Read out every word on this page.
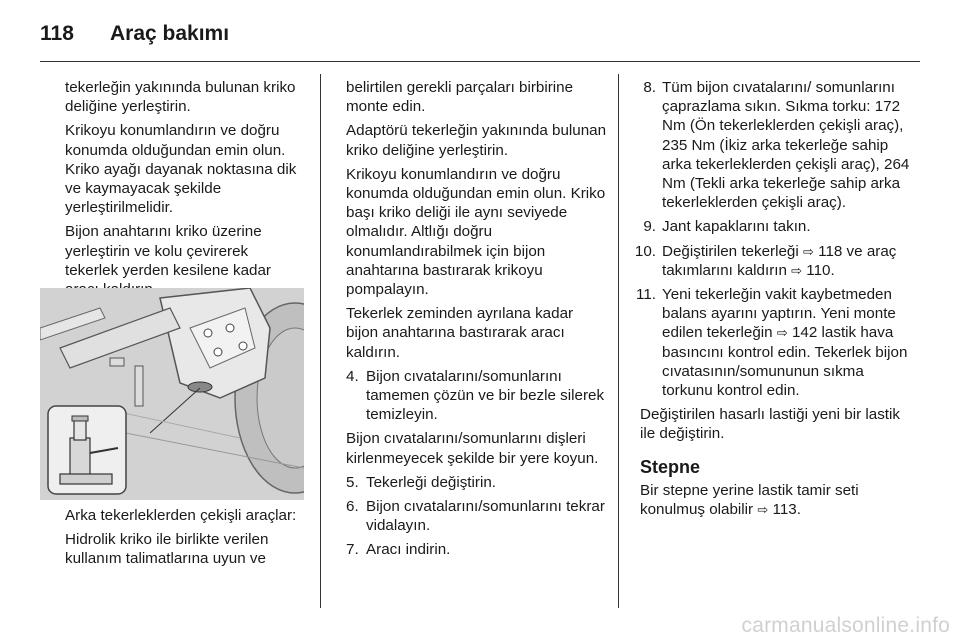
118 Araç bakımı

tekerleğin yakınında bulunan kriko deliğine yerleştirin.

Krikoyu konumlandırın ve doğru konumda olduğundan emin olun. Kriko ayağı dayanak noktasına dik ve kaymayacak şekilde yerleştirilmelidir.

Bijon anahtarını kriko üzerine yerleştirin ve kolu çevirerek tekerlek yerden kesilene kadar

Arka tekerleklerden çekişli araçlar:

Hidrolik kriko ile birlikte verilen kullanım talimatlarına uyun ve

belirtilen gerekli parçaları birbirine monte edin.

Adaptörü tekerleğin yakınında bulunan kriko deliğine yerleştirin.

Krikoyu konumlandırın ve doğru konumda olduğundan emin olun. Kriko başı kriko deliği ile aynı seviyede olmalıdır. Altlığı doğru konumlandırabilmek için bijon anahtarına bastırarak krikoyu pompalayın.

Tekerlek zeminden ayrılana kadar bijon anahtarına bastırarak aracı kaldırın.

4. Bijon cıvatalarını/somunlarını tamemen çözün ve bir bezle silerek temizleyin.

Bijon cıvatalarını/somunlarını dişleri kirlenmeyecek şekilde bir yere koyun.

5. Tekerleği değiştirin.
6. Bijon cıvatalarını/somunlarını tekrar vidalayın.
7. Aracı indirin.
8. Tüm bijon cıvatalarını/ somunlarını çaprazlama sıkın. Sıkma torku: 172 Nm (Ön tekerleklerden çekişli araç), 235 Nm (İkiz arka tekerleğe sahip arka tekerleklerden çekişli araç), 264 Nm (Tekli arka tekerleğe sahip arka tekerleklerden çekişli araç).
9. Jant kapaklarını takın.
10. Değiştirilen tekerleği ⇨ 118 ve araç takımlarını kaldırın ⇨ 110.
11. Yeni tekerleğin vakit kaybetmeden balans ayarını yaptırın. Yeni monte edilen tekerleğin ⇨ 142 lastik hava basıncını kontrol edin. Tekerlek bijon cıvatasının/somununun sıkma torkunu kontrol edin.

Değiştirilen hasarlı lastiği yeni bir lastik ile değiştirin.

Stepne

Bir stepne yerine lastik tamir seti konulmuş olabilir ⇨ 113.

carmanualsonline.info
